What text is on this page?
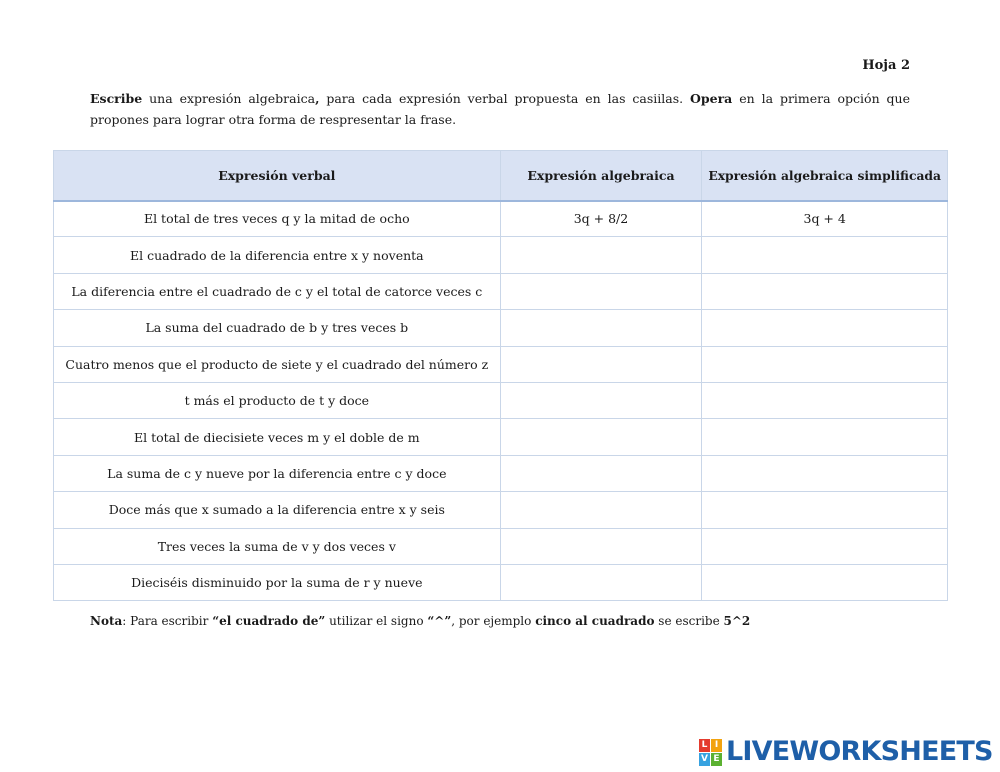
Hoja 2

Escribe una expresión algebraica, para cada expresión verbal propuesta en las casiilas. Opera en la primera opción que propones para lograr otra forma de respresentar la frase.

Expresión verbal	Expresión algebraica	Expresión algebraica simplificada
El total de tres veces q y la mitad de ocho	3q + 8/2	3q + 4
El cuadrado de la diferencia entre x y noventa		
La diferencia entre el cuadrado de c y el total de catorce veces c		
La suma del cuadrado de b y tres veces b		
Cuatro menos que el producto de siete y el cuadrado del número z		
t más el producto de t y doce		
El total de diecisiete veces m y el doble de m		
La suma de c y nueve por la diferencia entre c y doce		
Doce más que x sumado a la diferencia entre x y seis		
Tres veces la suma de v y dos veces v		
Dieciséis disminuido por la suma de r y nueve		

Nota: Para escribir “el cuadrado de” utilizar el signo “^”, por ejemplo cinco al cuadrado se escribe 5^2

L I
V E LIVEWORKSHEETS
